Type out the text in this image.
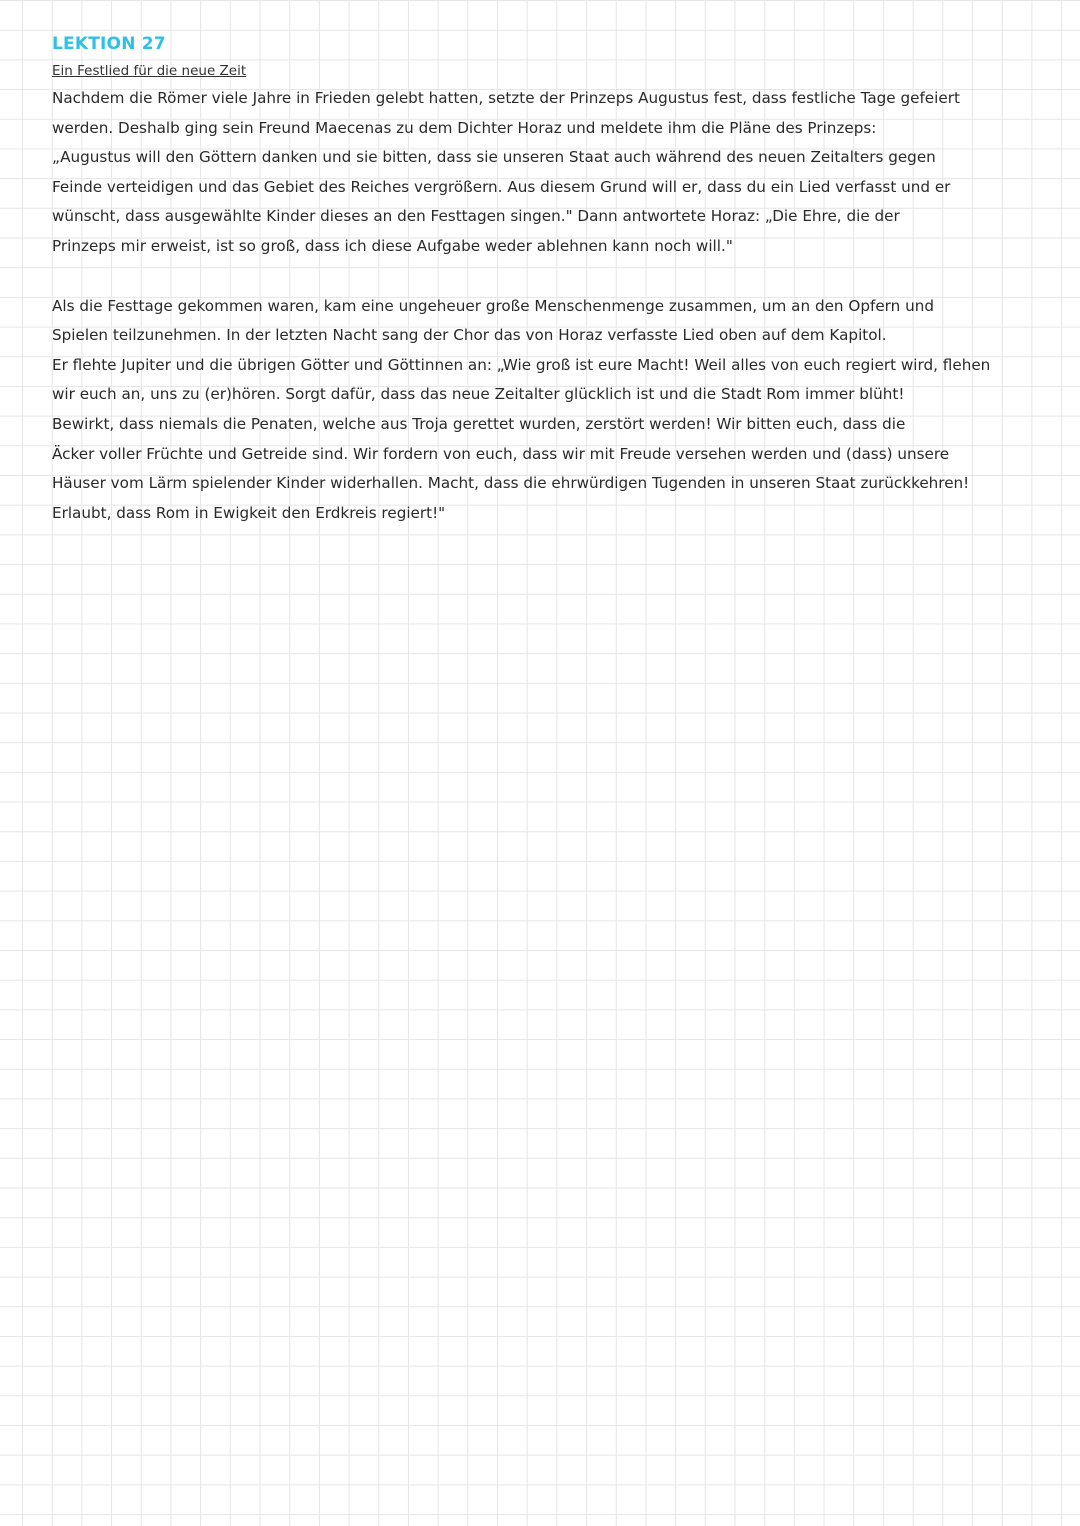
LEKTION 27

Ein Festlied für die neue Zeit

Nachdem die Römer viele Jahre in Frieden gelebt hatten, setzte der Prinzeps Augustus fest, dass festliche Tage gefeiert
werden. Deshalb ging sein Freund Maecenas zu dem Dichter Horaz und meldete ihm die Pläne des Prinzeps:
„Augustus will den Göttern danken und sie bitten, dass sie unseren Staat auch während des neuen Zeitalters gegen
Feinde verteidigen und das Gebiet des Reiches vergrößern. Aus diesem Grund will er, dass du ein Lied verfasst und er
wünscht, dass ausgewählte Kinder dieses an den Festtagen singen." Dann antwortete Horaz: „Die Ehre, die der
Prinzeps mir erweist, ist so groß, dass ich diese Aufgabe weder ablehnen kann noch will."
Als die Festtage gekommen waren, kam eine ungeheuer große Menschenmenge zusammen, um an den Opfern und
Spielen teilzunehmen. In der letzten Nacht sang der Chor das von Horaz verfasste Lied oben auf dem Kapitol.
Er flehte Jupiter und die übrigen Götter und Göttinnen an: „Wie groß ist eure Macht! Weil alles von euch regiert wird, flehen
wir euch an, uns zu (er)hören. Sorgt dafür, dass das neue Zeitalter glücklich ist und die Stadt Rom immer blüht!
Bewirkt, dass niemals die Penaten, welche aus Troja gerettet wurden, zerstört werden! Wir bitten euch, dass die
Äcker voller Früchte und Getreide sind. Wir fordern von euch, dass wir mit Freude versehen werden und (dass) unsere
Häuser vom Lärm spielender Kinder widerhallen. Macht, dass die ehrwürdigen Tugenden in unseren Staat zurückkehren!
Erlaubt, dass Rom in Ewigkeit den Erdkreis regiert!"
